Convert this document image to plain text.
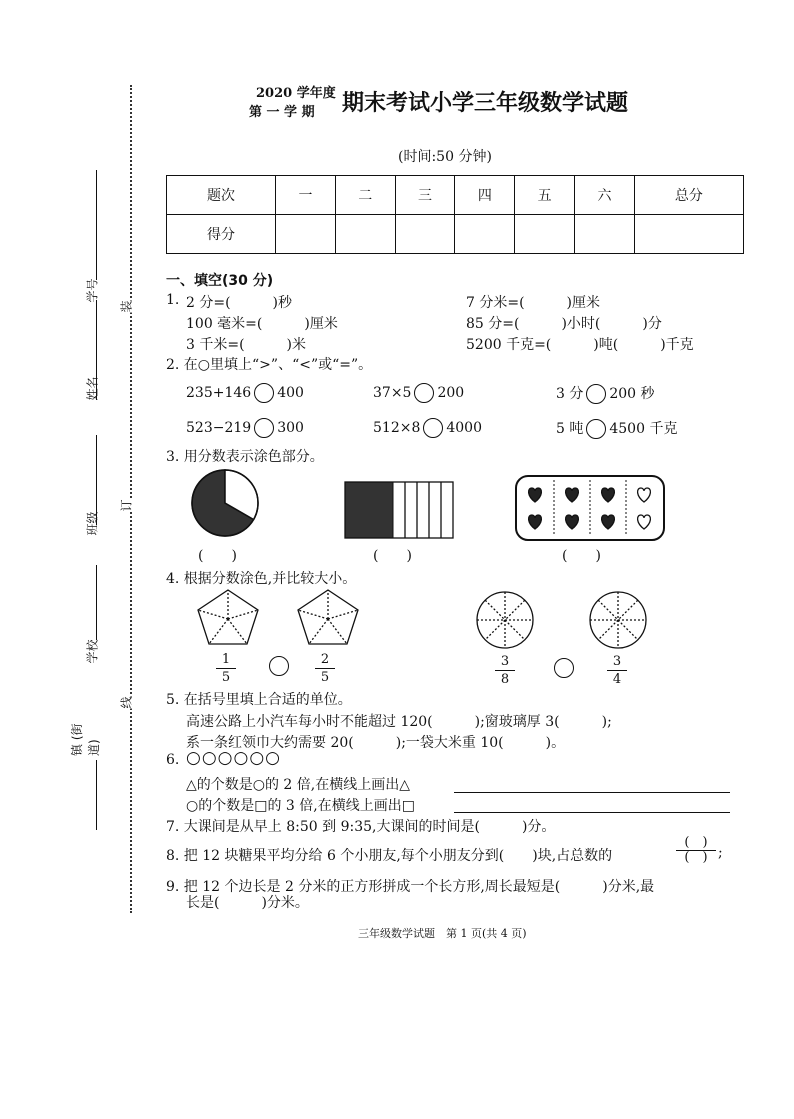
学号
姓名
班级
学校
镇 (街道)
装
订
线
2020 学年度
第 一 学 期 期末考试小学三年级数学试题
(时间:50 分钟)
题次	一	二	三	四	五	六	总分
得分							
一、填空(30 分)
1. 2 分=(　　　)秒	7 分米=(　　　)厘米
100 毫米=(　　　)厘米	85 分=(　　　)小时(　　　)分
3 千米=(　　　)米	5200 千克=(　　　)吨(　　　)千克
2. 在○里填上“>”、“<”或“=”。
235+146 400	37×5 200	3 分 200 秒
523−219 300	512×8 4000	5 吨 4500 千克
3. 用分数表示涂色部分。
(　　)	(　　)	(　　)
4. 根据分数涂色,并比较大小。
1
5
2
5
3
8
3
4
5. 在括号里填上合适的单位。
高速公路上小汽车每小时不能超过 120(　　　);窗玻璃厚 3(　　　);
系一条红领巾大约需要 20(　　　);一袋大米重 10(　　　)。
6. ○○○○○○
△的个数是○的 2 倍,在横线上画出△
○的个数是□的 3 倍,在横线上画出□
7. 大课间是从早上 8:50 到 9:35,大课间的时间是(　　　)分。
8. 把 12 块糖果平均分给 6 个小朋友,每个小朋友分到(　　)块,占总数的
(　)
(　) ;
9. 把 12 个边长是 2 分米的正方形拼成一个长方形,周长最短是(　　　)分米,最
长是(　　　)分米。
三年级数学试题　第 1 页(共 4 页)
